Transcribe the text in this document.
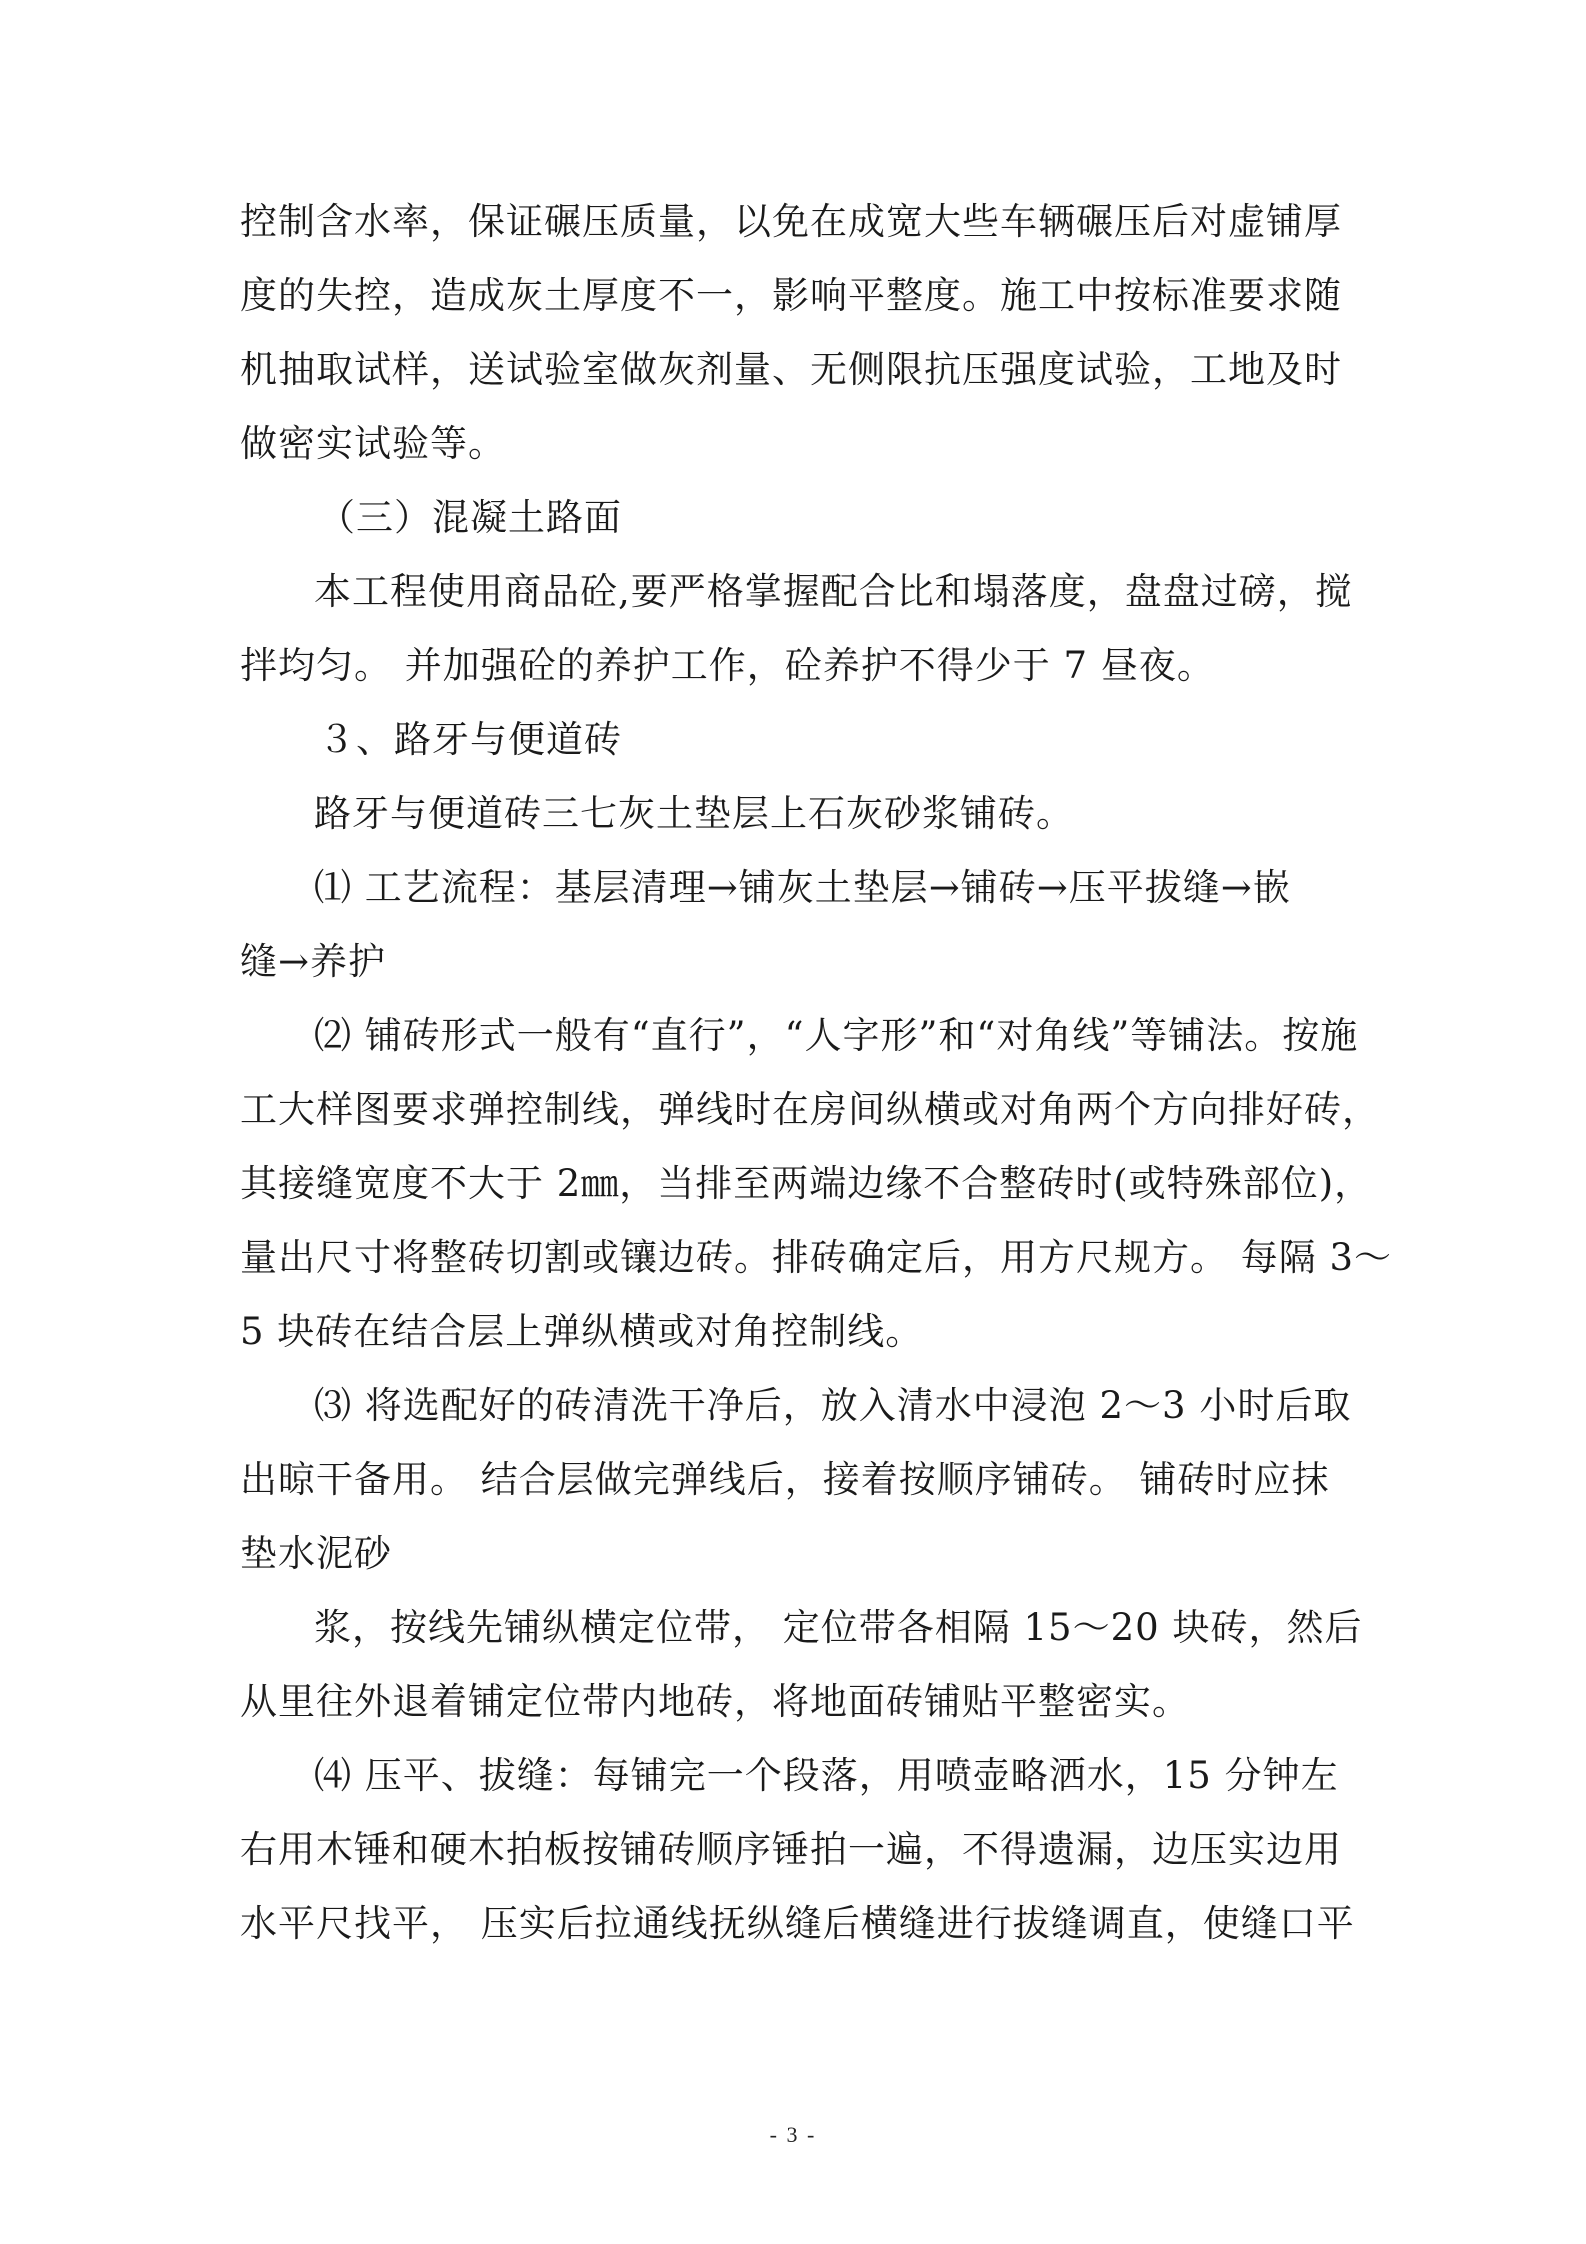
控制含水率，保证碾压质量，以免在成宽大些车辆碾压后对虚铺厚
度的失控，造成灰土厚度不一，影响平整度。施工中按标准要求随
机抽取试样，送试验室做灰剂量、无侧限抗压强度试验，工地及时
做密实试验等。
（三）混凝土路面
本工程使用商品砼,要严格掌握配合比和塌落度，盘盘过磅，搅
拌均匀。 并加强砼的养护工作，砼养护不得少于 7 昼夜。
３、路牙与便道砖
路牙与便道砖三七灰土垫层上石灰砂浆铺砖。
⑴ 工艺流程：基层清理→铺灰土垫层→铺砖→压平拔缝→嵌
缝→养护
⑵ 铺砖形式一般有“直行”，“人字形”和“对角线”等铺法。按施
工大样图要求弹控制线，弹线时在房间纵横或对角两个方向排好砖，
其接缝宽度不大于 2㎜，当排至两端边缘不合整砖时(或特殊部位)，
量出尺寸将整砖切割或镶边砖。排砖确定后，用方尺规方。 每隔 3～
5 块砖在结合层上弹纵横或对角控制线。
⑶ 将选配好的砖清洗干净后，放入清水中浸泡 2～3 小时后取
出晾干备用。 结合层做完弹线后，接着按顺序铺砖。 铺砖时应抹
垫水泥砂
浆，按线先铺纵横定位带， 定位带各相隔 15～20 块砖，然后
从里往外退着铺定位带内地砖，将地面砖铺贴平整密实。
⑷ 压平、拔缝：每铺完一个段落，用喷壶略洒水，15 分钟左
右用木锤和硬木拍板按铺砖顺序锤拍一遍，不得遗漏，边压实边用
水平尺找平， 压实后拉通线抚纵缝后横缝进行拔缝调直，使缝口平
- 3 -
